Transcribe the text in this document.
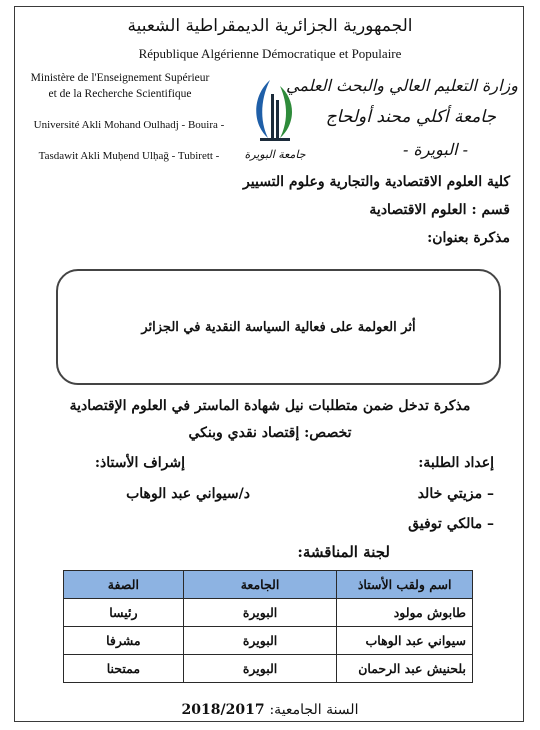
الجمهورية الجزائرية الديمقراطية الشعبية
République Algérienne Démocratique et Populaire
Ministère de l'Enseignement Supérieur
et de la Recherche Scientifique
Université Akli Mohand Oulhadj - Bouira -
Tasdawit Akli Muḥend Ulḥağ - Tubirett -
وزارة التعليم العالي والبحث العلمي
جامعة أكلي محند أولحاج
- البويرة -
جامعة البويرة
كلية العلوم الاقتصادية والتجارية وعلوم التسيير
قسم : العلوم الاقتصادية
مذكرة بعنوان:
أثر العولمة على فعالية السياسة النقدية في الجزائر
مذكرة تدخل ضمن متطلبات نيل شهادة الماستر في العلوم الإقتصادية
تخصص: إقتصاد نقدي وبنكي
إعداد الطلبة:
إشراف الأستاذ:
– مزيتي خالد
د/سيواني عبد الوهاب
– مالكي توفيق
لجنة المناقشة:
اسم ولقب الأستاذ	الجامعة	الصفة
طابوش مولود	البويرة	رئيسا
سيواني عبد الوهاب	البويرة	مشرفا
بلحنيش عبد الرحمان	البويرة	ممتحنا
السنة الجامعية: 2018/2017
